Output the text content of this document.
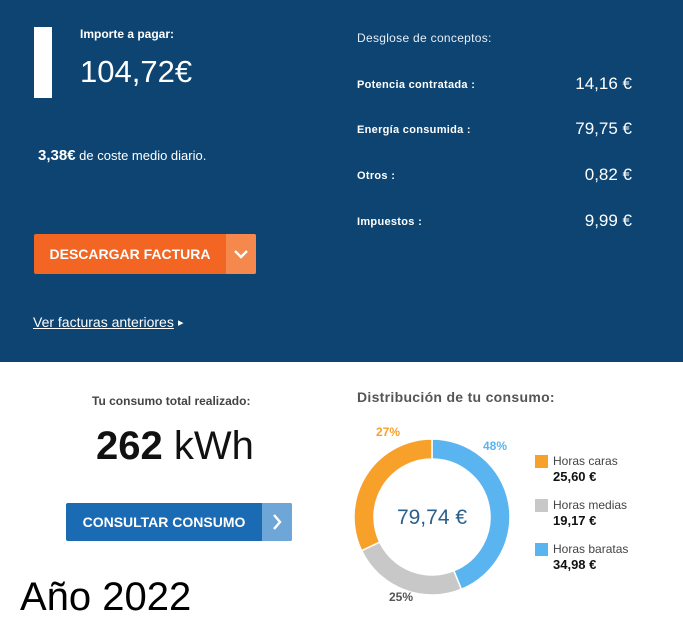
Importe a pagar:
104,72€
3,38€ de coste medio diario.
DESCARGAR FACTURA
Ver facturas anteriores ▸
Desglose de conceptos:
Potencia contratada :	14,16 €
Energía consumida :	79,75 €
Otros :	0,82 €
Impuestos :	9,99 €
Tu consumo total realizado:
262 kWh
CONSULTAR CONSUMO
Año 2022
Distribución de tu consumo:
79,74 €
27%
48%
25%
Horas caras
25,60 €
Horas medias
19,17 €
Horas baratas
34,98 €
